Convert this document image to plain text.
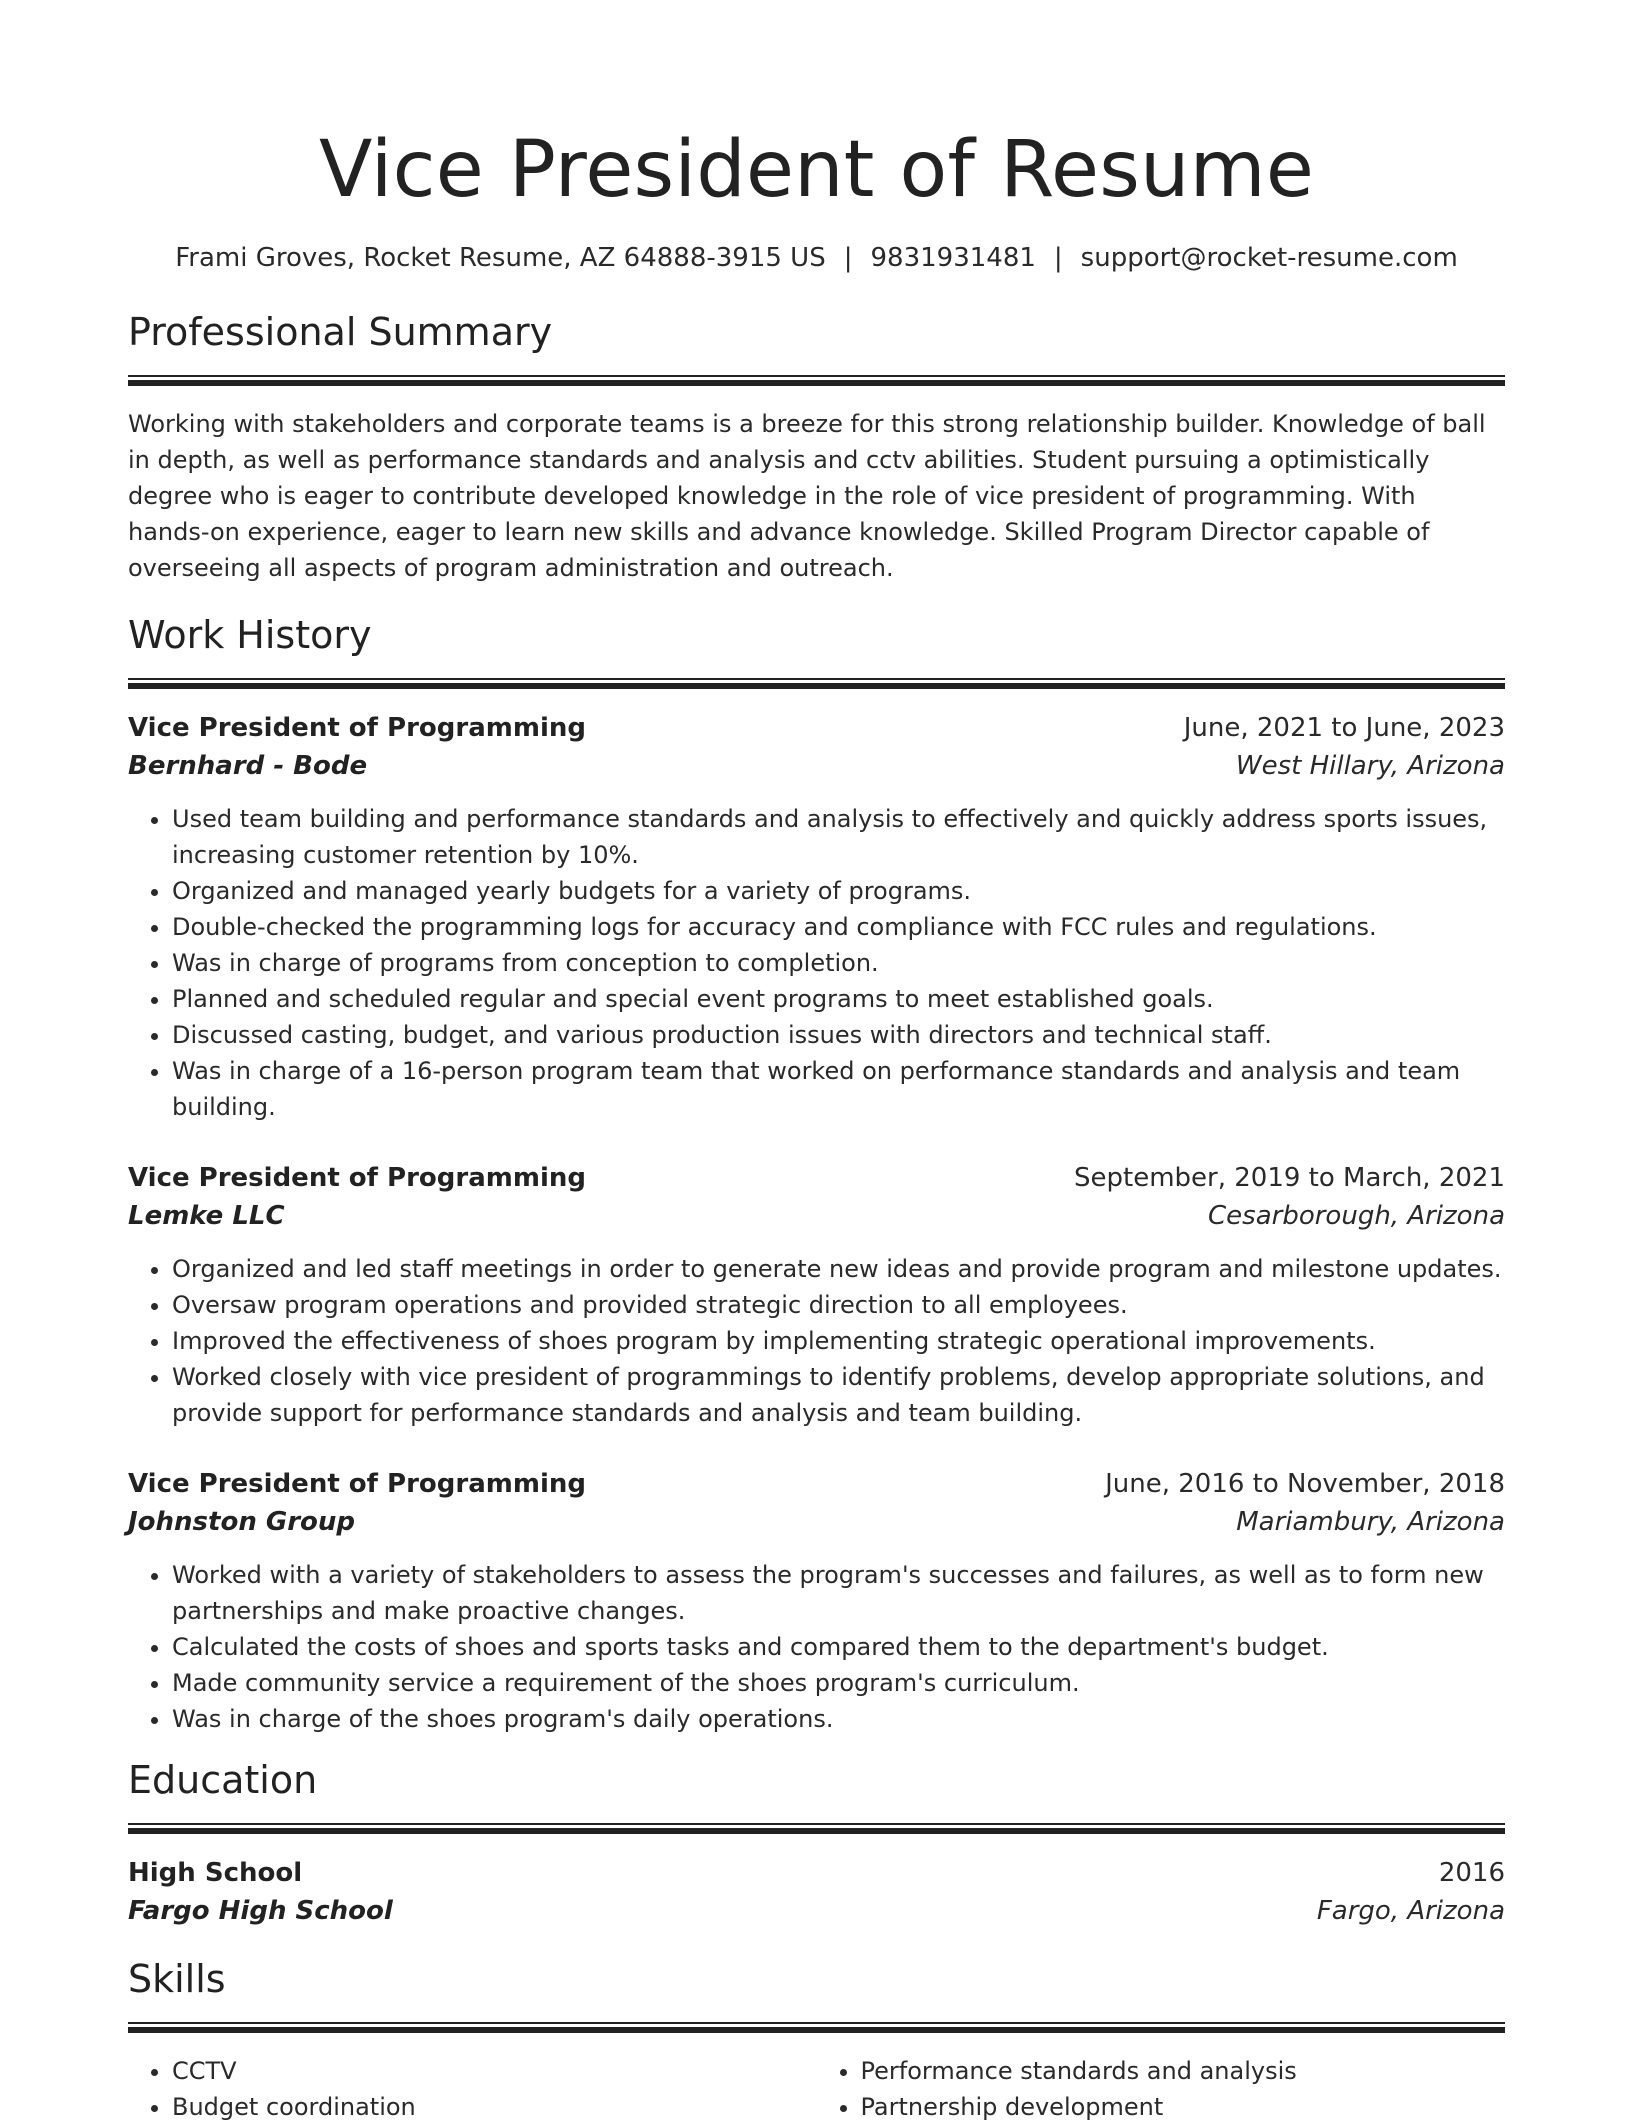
Vice President of Resume
Frami Groves, Rocket Resume, AZ 64888-3915 US | 9831931481 | support@rocket-resume.com
Professional Summary

Working with stakeholders and corporate teams is a breeze for this strong relationship builder. Knowledge of ball in depth, as well as performance standards and analysis and cctv abilities. Student pursuing a optimistically degree who is eager to contribute developed knowledge in the role of vice president of programming. With hands-on experience, eager to learn new skills and advance knowledge. Skilled Program Director capable of overseeing all aspects of program administration and outreach.

Work History
Vice President of Programming	June, 2021 to June, 2023
Bernhard - Bode	West Hillary, Arizona
• Used team building and performance standards and analysis to effectively and quickly address sports issues, increasing customer retention by 10%.
• Organized and managed yearly budgets for a variety of programs.
• Double-checked the programming logs for accuracy and compliance with FCC rules and regulations.
• Was in charge of programs from conception to completion.
• Planned and scheduled regular and special event programs to meet established goals.
• Discussed casting, budget, and various production issues with directors and technical staff.
• Was in charge of a 16-person program team that worked on performance standards and analysis and team building.
Vice President of Programming	September, 2019 to March, 2021
Lemke LLC	Cesarborough, Arizona
• Organized and led staff meetings in order to generate new ideas and provide program and milestone updates.
• Oversaw program operations and provided strategic direction to all employees.
• Improved the effectiveness of shoes program by implementing strategic operational improvements.
• Worked closely with vice president of programmings to identify problems, develop appropriate solutions, and provide support for performance standards and analysis and team building.
Vice President of Programming	June, 2016 to November, 2018
Johnston Group	Mariambury, Arizona
• Worked with a variety of stakeholders to assess the program's successes and failures, as well as to form new partnerships and make proactive changes.
• Calculated the costs of shoes and sports tasks and compared them to the department's budget.
• Made community service a requirement of the shoes program's curriculum.
• Was in charge of the shoes program's daily operations.
Education
High School	2016
Fargo High School	Fargo, Arizona
Skills
• CCTV
• Budget coordination
• Performance standards and analysis
• Partnership development
